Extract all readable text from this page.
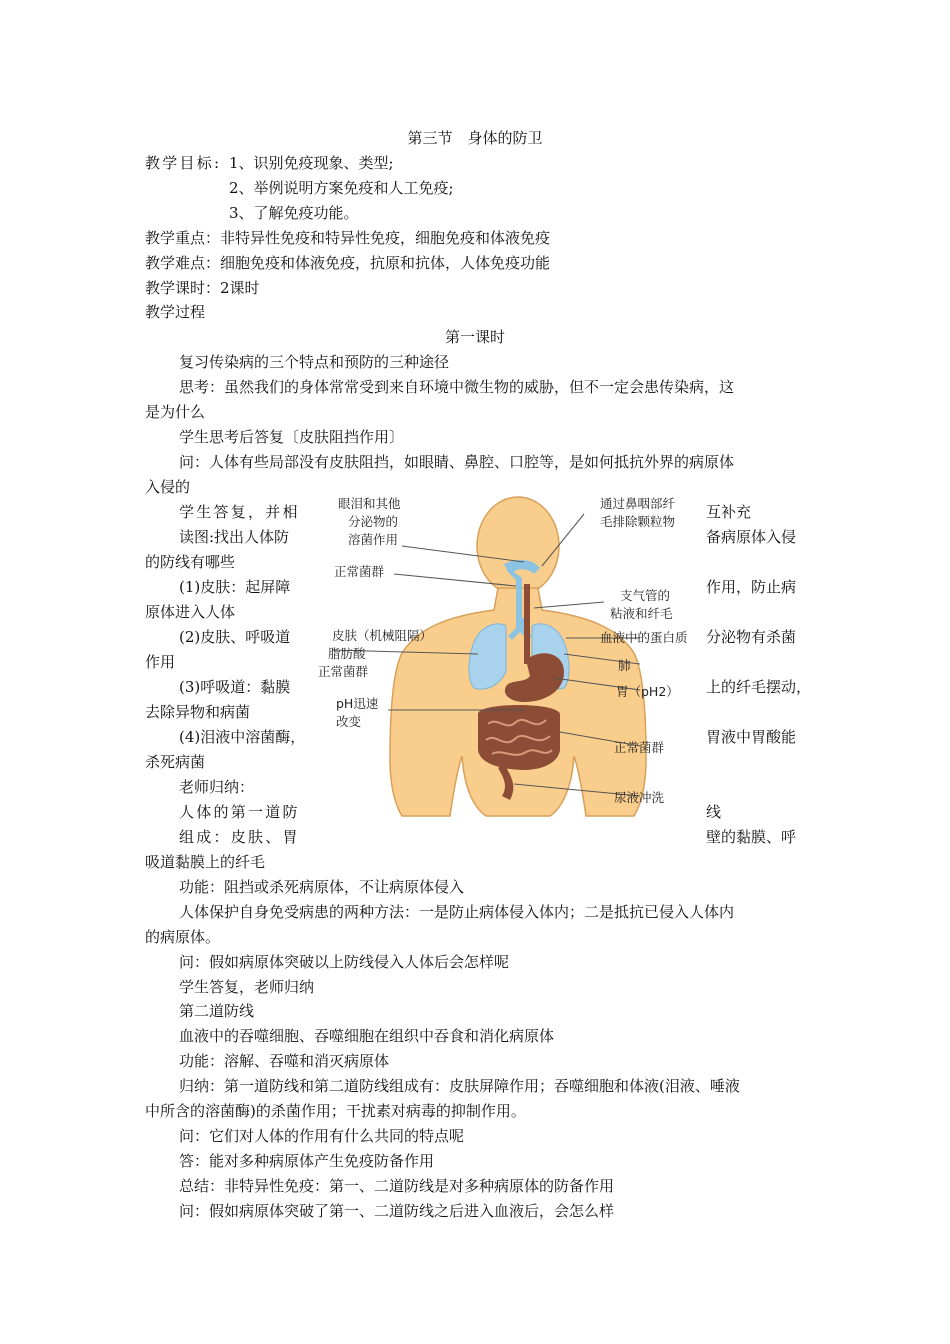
第三节　身体的防卫
教学目标: 1、识别免疫现象、类型;
2、举例说明方案免疫和人工免疫;
3、了解免疫功能。
教学重点：非特异性免疫和特异性免疫，细胞免疫和体液免疫
教学难点：细胞免疫和体液免疫，抗原和抗体，人体免疫功能
教学课时：2课时
教学过程
第一课时
复习传染病的三个特点和预防的三种途径
思考：虽然我们的身体常常受到来自环境中微生物的威胁，但不一定会患传染病，这
是为什么
学生思考后答复〔皮肤阻挡作用〕
问：人体有些局部没有皮肤阻挡，如眼睛、鼻腔、口腔等，是如何抵抗外界的病原体
入侵的
学生答复，并相	互补充
读图:找出人体防	备病原体入侵
的防线有哪些
(1)皮肤：起屏障	作用，防止病
原体进入人体
(2)皮肤、呼吸道	分泌物有杀菌
作用
(3)呼吸道：黏膜	上的纤毛摆动，
去除异物和病菌
(4)泪液中溶菌酶，	胃液中胃酸能
杀死病菌
老师归纳：
人体的第一道防	线
组成：皮肤、胃	壁的黏膜、呼
吸道黏膜上的纤毛
功能：阻挡或杀死病原体，不让病原体侵入
人体保护自身免受病患的两种方法：一是防止病体侵入体内；二是抵抗已侵入人体内
的病原体。
问：假如病原体突破以上防线侵入人体后会怎样呢
学生答复，老师归纳
第二道防线
血液中的吞噬细胞、吞噬细胞在组织中吞食和消化病原体
功能：溶解、吞噬和消灭病原体
归纳：第一道防线和第二道防线组成有：皮肤屏障作用；吞噬细胞和体液(泪液、唾液
中所含的溶菌酶)的杀菌作用；干扰素对病毒的抑制作用。
问：它们对人体的作用有什么共同的特点呢
答：能对多种病原体产生免疫防备作用
总结：非特异性免疫：第一、二道防线是对多种病原体的防备作用
问：假如病原体突破了第一、二道防线之后进入血液后，会怎么样
眼泪和其他
分泌物的
溶菌作用
通过鼻咽部纤
毛排除颗粒物
正常菌群
支气管的
粘液和纤毛
皮肤（机械阻隔）	血液中的蛋白质
脂肪酸
正常菌群	肺
胃（pH2）
pH迅速
改变
正常菌群
尿液冲洗
